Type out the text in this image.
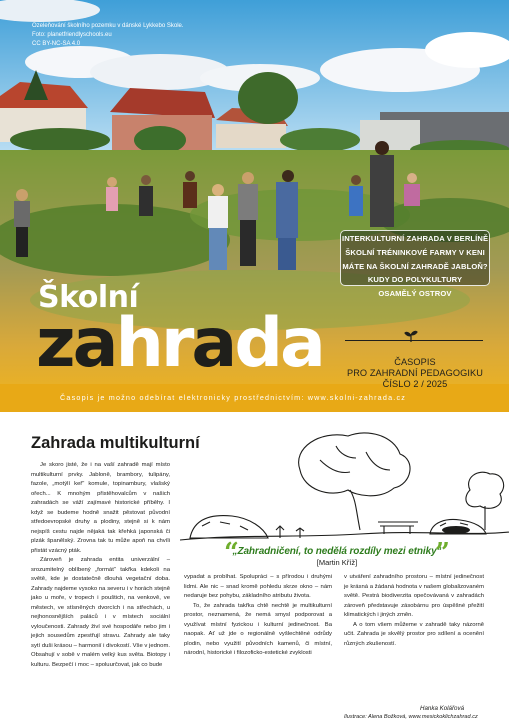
Ozeleňování školního pozemku v dánské Lykkebo Skole.
Foto: planetfriendlyschools.eu
CC BY-NC-SA 4.0
INTERKULTURNÍ ZAHRADA V BERLÍNĚ
ŠKOLNÍ TRÉNINKOVÉ FARMY V KENI
MÁTE NA ŠKOLNÍ ZAHRADĚ JABLOŇ?
KUDY DO POLYKULTURY
OSAMĚLÝ OSTROV
Školní
zahrada	ČASOPIS
PRO ZAHRADNÍ PEDAGOGIKU
ČÍSLO 2 / 2025
Časopis je možno odebírat elektronicky prostřednictvím: www.skolni-zahrada.cz
Zahrada multikulturní
“
„Zahradničení, to nedělá rozdíly mezi etniky“
[Martin Kříž]	”

Je skoro jisté, že i na vaší zahradě mají místo multikulturní prvky. Jabloně, brambory, tulipány, fazole, „motýlí keř“ komule, topinambury, vlašský ořech... K mnohým přistěhovalcům v našich zahradách se váží zajímavé historické příběhy. I když se budeme hodně snažit pěstovat původní středoevropské druhy a plodiny, stejně si k nám nejspíš cestu najde nějaká tak křehká japonská či plzák španělský. Zrovna tak tu může apoň na chvíli přistát vzácný pták.

Zároveň je zahrada entita univerzální – srozumitelný oblíbený „formát“ takřka kdekoli na světě, kde je dostatečně dlouhá vegetační doba. Zahrady najdeme vysoko na severu i v horách stejně jako u moře, v tropech i pouštich, na venkově, ve městech, ve stísněných dvorcích i na střechách, u nejhonosnějších paláců i v místech sociální vyloučenosti. Zahrady živí své hospodáře nebo jim i jejich sousedům zpestřují stravu. Zahrady ale taky sytí duši krásou – harmonií i divokostí. Vše v jednom. Obsahují v sobě v malém velký kus světa. Biotopy i kulturu. Bezpečí i moc – spoluurčovat, jak co bude

vypadat a probíhat. Spolupráci – s přírodou i druhými lidmi. Ale nic – snad kromě pohledu skrze okno – nám nedaruje bez pohybu, základního atributu života.

To, že zahrada takřka chtě nechtě je multikulturní prostor, neznamená, že nemá smysl podporovat a využívat místní fyzickou i kulturní jedinečnost. Ba naopak. Ať už jde o regionálně vyšlechtěné odrůdy plodin, nebo využití původních kamenů, či místní, národní, historické i filozoficko-estetické zvyklosti

v utváření zahradního prostoru – místní jedinečnost je krásná a žádaná hodnota v našem globalizovaném světě. Pestrá biodiverzita opečovávaná v zahradách zároveň představuje zásobárnu pro úspěšné přežití klimatických i jiných změn.

A o tom všem můžeme v zahradě taky názorně učit. Zahrada je skvělý prostor pro sdílení a ocenění různých zkušeností.

Hanka Kolářová
Ilustrace: Alena Božková, www.mesickoklichzahrad.cz
